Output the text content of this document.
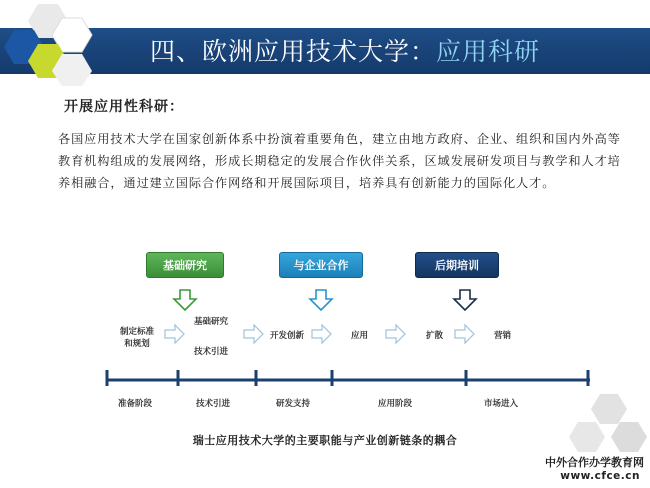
四、欧洲应用技术大学：应用科研
开展应用性科研：
各国应用技术大学在国家创新体系中扮演着重要角色，建立由地方政府、企业、组织和国内外高等教育机构组成的发展网络，形成长期稳定的发展合作伙伴关系，区域发展研发项目与教学和人才培养相融合，通过建立国际合作网络和开展国际项目，培养具有创新能力的国际化人才。
基础研究	与企业合作	后期培训
制定标准和规划
基础研究
技术引进
开发创新	应用	扩散	营销
准备阶段	技术引进	研发支持	应用阶段	市场进入
瑞士应用技术大学的主要职能与产业创新链条的耦合
中外合作办学教育网
www.cfce.cn
